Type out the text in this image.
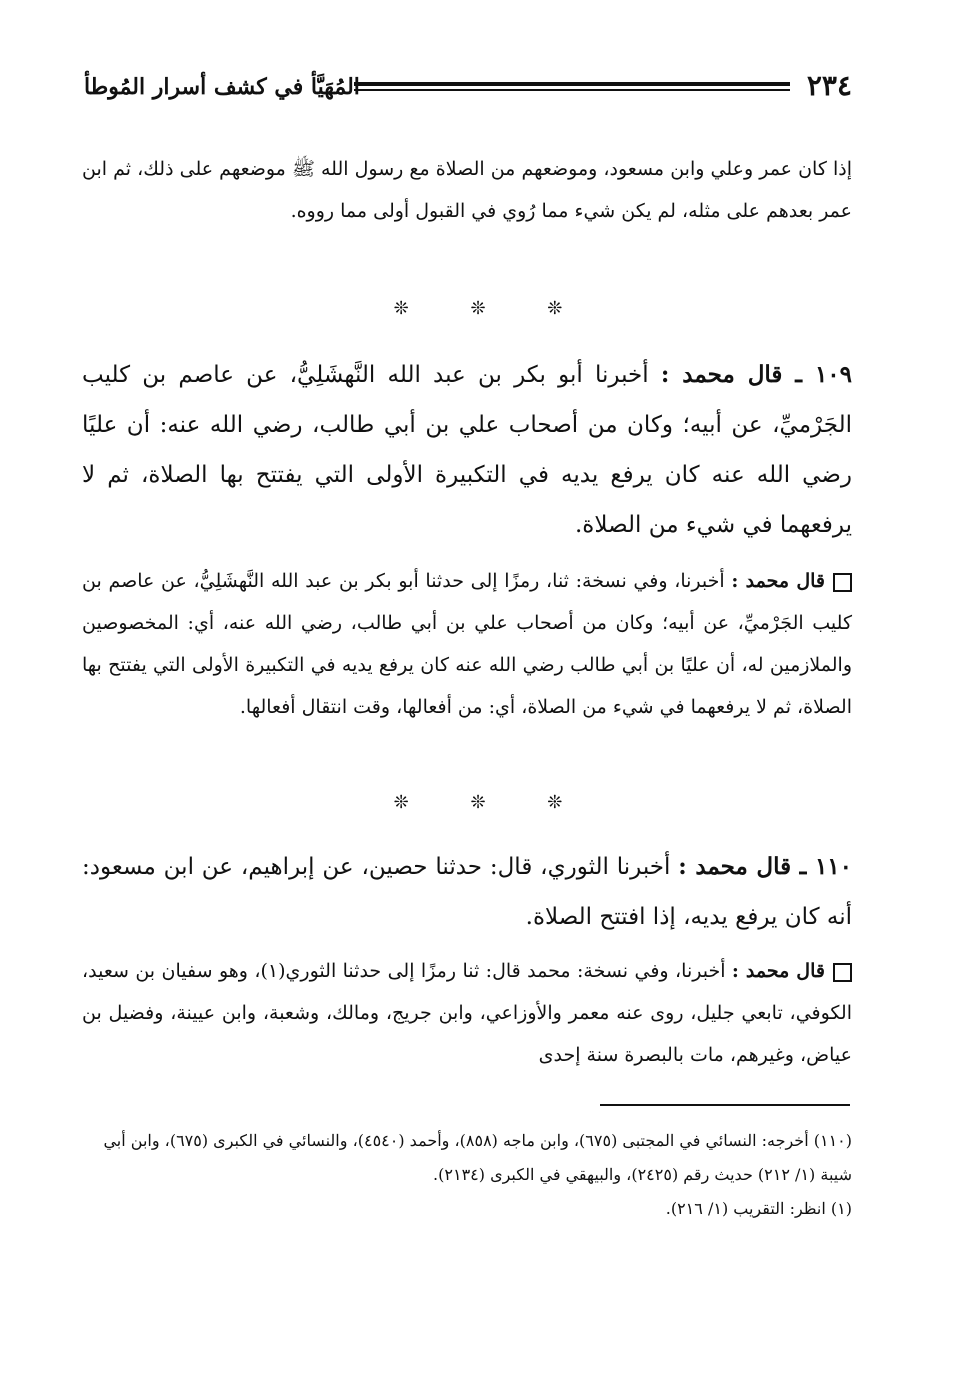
٢٣٤
المُهَيَّأ في كشف أسرار المُوطأ

إذا كان عمر وعلي وابن مسعود، وموضعهم من الصلاة مع رسول الله ﷺ موضعهم على ذلك، ثم ابن عمر بعدهم على مثله، لم يكن شيء مما رُوي في القبول أولى مما رووه.

❊	❊	❊

١٠٩ ـ قال محمد : أخبرنا أبو بكر بن عبد الله النَّهشَلِيُّ، عن عاصم بن كليب الجَرْميِّ، عن أبيه؛ وكان من أصحاب علي بن أبي طالب، رضي الله عنه: أن عليًا رضي الله عنه كان يرفع يديه في التكبيرة الأولى التي يفتتح بها الصلاة، ثم لا يرفعهما في شيء من الصلاة.

قال محمد : أخبرنا، وفي نسخة: ثنا، رمزًا إلى حدثنا أبو بكر بن عبد الله النَّهشَلِيُّ، عن عاصم بن كليب الجَرْميِّ، عن أبيه؛ وكان من أصحاب علي بن أبي طالب، رضي الله عنه، أي: المخصوصين والملازمين له، أن عليًا بن أبي طالب رضي الله عنه كان يرفع يديه في التكبيرة الأولى التي يفتتح بها الصلاة، ثم لا يرفعهما في شيء من الصلاة، أي: من أفعالها، وقت انتقال أفعالها.

❊	❊	❊

١١٠ ـ قال محمد : أخبرنا الثوري، قال: حدثنا حصين، عن إبراهيم، عن ابن مسعود: أنه كان يرفع يديه، إذا افتتح الصلاة.

قال محمد : أخبرنا، وفي نسخة: محمد قال: ثنا رمزًا إلى حدثنا الثوري(١)، وهو سفيان بن سعيد، الكوفي، تابعي جليل، روى عنه معمر والأوزاعي، وابن جريج، ومالك، وشعبة، وابن عيينة، وفضيل بن عياض، وغيرهم، مات بالبصرة سنة إحدى

(١١٠) أخرجه: النسائي في المجتبى (٦٧٥)، وابن ماجه (٨٥٨)، وأحمد (٤٥٤٠)، والنسائي في الكبرى (٦٧٥)، وابن أبي شيبة (١/ ٢١٢) حديث رقم (٢٤٢٥)، والبيهقي في الكبرى (٢١٣٤).

(١) انظر: التقريب (١/ ٢١٦).
